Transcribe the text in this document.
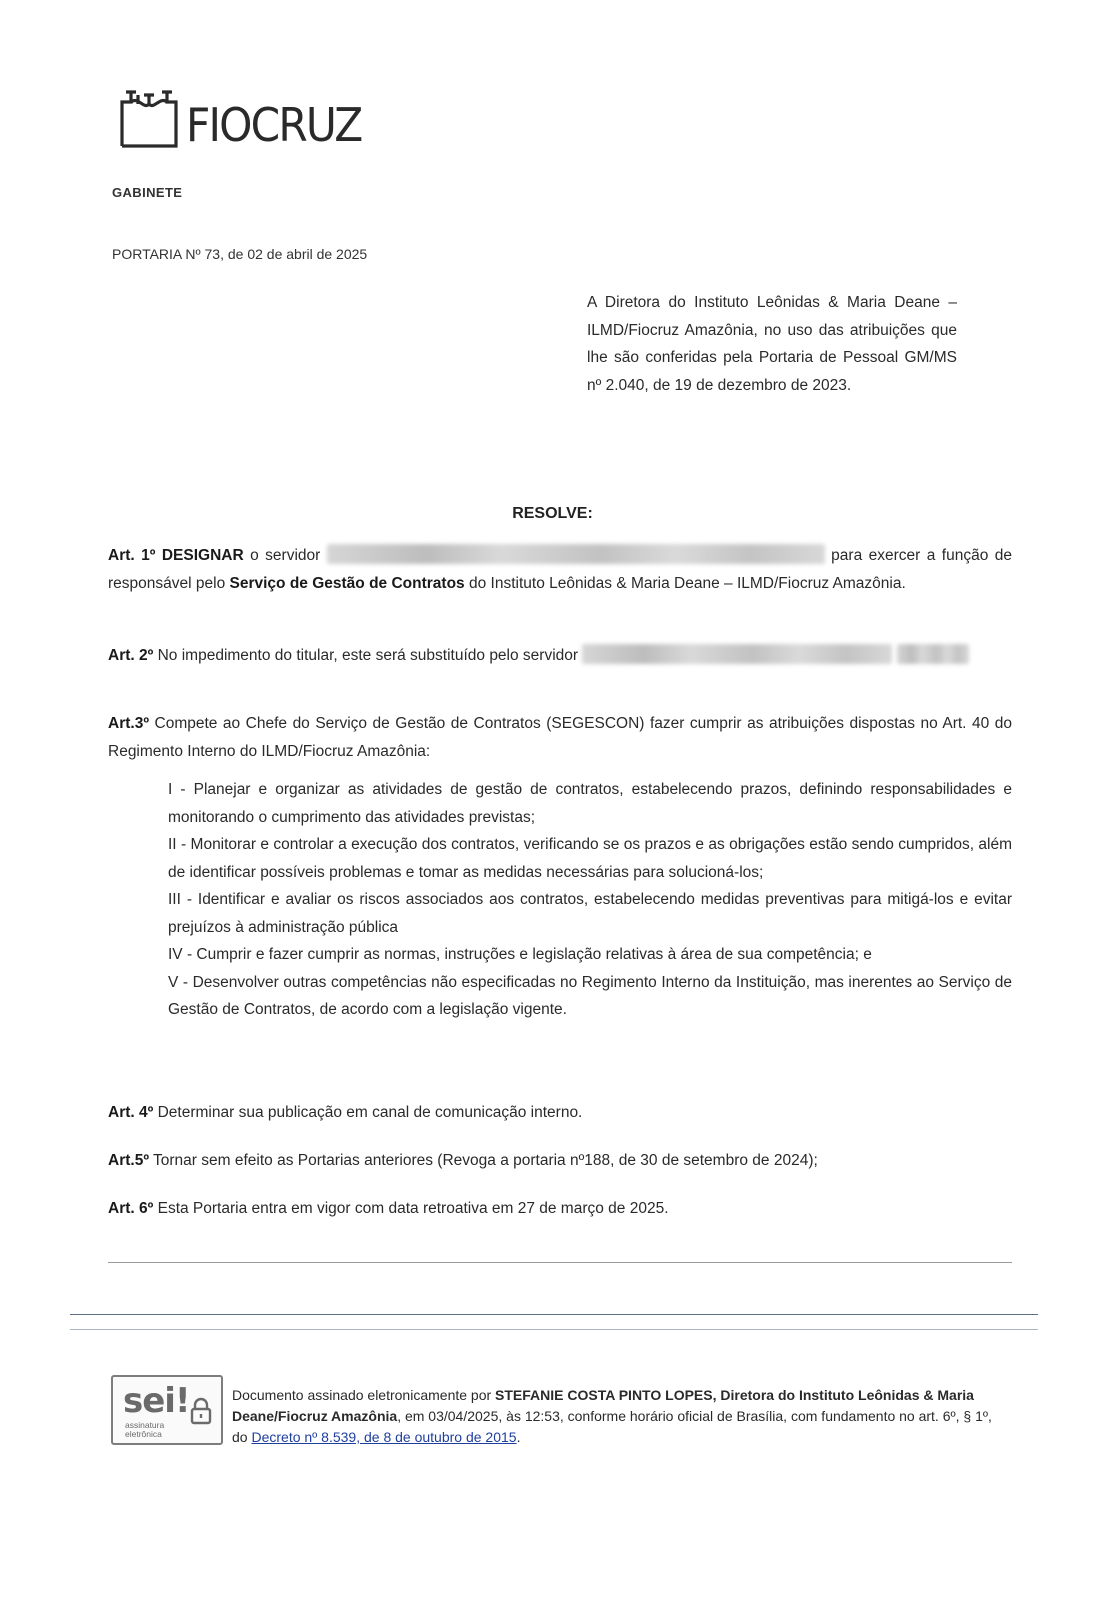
FIOCRUZ
GABINETE
PORTARIA Nº 73, de 02 de abril de 2025
A Diretora do Instituto Leônidas & Maria Deane – ILMD/Fiocruz Amazônia, no uso das atribuições que lhe são conferidas pela Portaria de Pessoal GM/MS nº 2.040, de 19 de dezembro de 2023.
RESOLVE:
Art. 1º DESIGNAR o servidor	para exercer a função de responsável pelo Serviço de Gestão de Contratos do Instituto Leônidas & Maria Deane – ILMD/Fiocruz Amazônia.
Art. 2º No impedimento do titular, este será substituído pelo servidor
Art.3º Compete ao Chefe do Serviço de Gestão de Contratos (SEGESCON) fazer cumprir as atribuições dispostas no Art. 40 do Regimento Interno do ILMD/Fiocruz Amazônia:

I - Planejar e organizar as atividades de gestão de contratos, estabelecendo prazos, definindo responsabilidades e monitorando o cumprimento das atividades previstas;

II - Monitorar e controlar a execução dos contratos, verificando se os prazos e as obrigações estão sendo cumpridos, além de identificar possíveis problemas e tomar as medidas necessárias para solucioná-los;

III - Identificar e avaliar os riscos associados aos contratos, estabelecendo medidas preventivas para mitigá-los e evitar prejuízos à administração pública

IV - Cumprir e fazer cumprir as normas, instruções e legislação relativas à área de sua competência; e

V - Desenvolver outras competências não especificadas no Regimento Interno da Instituição, mas inerentes ao Serviço de Gestão de Contratos, de acordo com a legislação vigente.

Art. 4º Determinar sua publicação em canal de comunicação interno.
Art.5º Tornar sem efeito as Portarias anteriores (Revoga a portaria nº188, de 30 de setembro de 2024);
Art. 6º Esta Portaria entra em vigor com data retroativa em 27 de março de 2025.
sei!
assinatura
eletrônica
Documento assinado eletronicamente por STEFANIE COSTA PINTO LOPES, Diretora do Instituto Leônidas & Maria Deane/Fiocruz Amazônia, em 03/04/2025, às 12:53, conforme horário oficial de Brasília, com fundamento no art. 6º, § 1º, do Decreto nº 8.539, de 8 de outubro de 2015.
